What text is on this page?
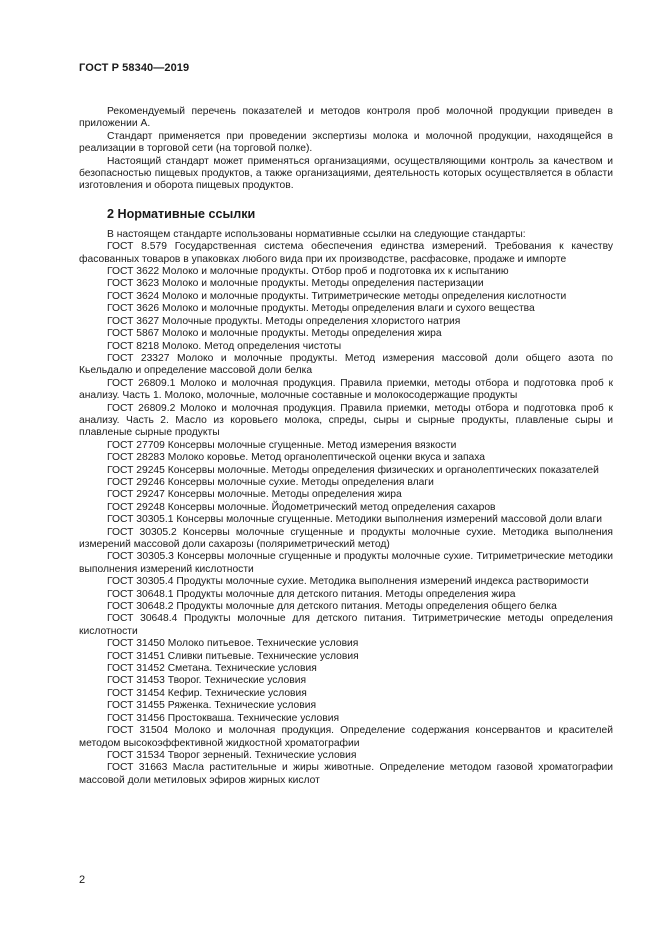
ГОСТ Р 58340—2019

Рекомендуемый перечень показателей и методов контроля проб молочной продукции приведен в приложении А.

Стандарт применяется при проведении экспертизы молока и молочной продукции, находящейся в реализации в торговой сети (на торговой полке).

Настоящий стандарт может применяться организациями, осуществляющими контроль за качеством и безопасностью пищевых продуктов, а также организациями, деятельность которых осуществляется в области изготовления и оборота пищевых продуктов.

2 Нормативные ссылки

В настоящем стандарте использованы нормативные ссылки на следующие стандарты:

ГОСТ 8.579 Государственная система обеспечения единства измерений. Требования к качеству фасованных товаров в упаковках любого вида при их производстве, расфасовке, продаже и импорте

ГОСТ 3622 Молоко и молочные продукты. Отбор проб и подготовка их к испытанию

ГОСТ 3623 Молоко и молочные продукты. Методы определения пастеризации

ГОСТ 3624 Молоко и молочные продукты. Титриметрические методы определения кислотности

ГОСТ 3626 Молоко и молочные продукты. Методы определения влаги и сухого вещества

ГОСТ 3627 Молочные продукты. Методы определения хлористого натрия

ГОСТ 5867 Молоко и молочные продукты. Методы определения жира

ГОСТ 8218 Молоко. Метод определения чистоты

ГОСТ 23327 Молоко и молочные продукты. Метод измерения массовой доли общего азота по Кьельдалю и определение массовой доли белка

ГОСТ 26809.1 Молоко и молочная продукция. Правила приемки, методы отбора и подготовка проб к анализу. Часть 1. Молоко, молочные, молочные составные и молокосодержащие продукты

ГОСТ 26809.2 Молоко и молочная продукция. Правила приемки, методы отбора и подготовка проб к анализу. Часть 2. Масло из коровьего молока, спреды, сыры и сырные продукты, плавленые сыры и плавленые сырные продукты

ГОСТ 27709 Консервы молочные сгущенные. Метод измерения вязкости

ГОСТ 28283 Молоко коровье. Метод органолептической оценки вкуса и запаха

ГОСТ 29245 Консервы молочные. Методы определения физических и органолептических показателей

ГОСТ 29246 Консервы молочные сухие. Методы определения влаги

ГОСТ 29247 Консервы молочные. Методы определения жира

ГОСТ 29248 Консервы молочные. Йодометрический метод определения сахаров

ГОСТ 30305.1 Консервы молочные сгущенные. Методики выполнения измерений массовой доли влаги

ГОСТ 30305.2 Консервы молочные сгущенные и продукты молочные сухие. Методика выполнения измерений массовой доли сахарозы (поляриметрический метод)

ГОСТ 30305.3 Консервы молочные сгущенные и продукты молочные сухие. Титриметрические методики выполнения измерений кислотности

ГОСТ 30305.4 Продукты молочные сухие. Методика выполнения измерений индекса растворимости

ГОСТ 30648.1 Продукты молочные для детского питания. Методы определения жира

ГОСТ 30648.2 Продукты молочные для детского питания. Методы определения общего белка

ГОСТ 30648.4 Продукты молочные для детского питания. Титриметрические методы определения кислотности

ГОСТ 31450 Молоко питьевое. Технические условия

ГОСТ 31451 Сливки питьевые. Технические условия

ГОСТ 31452 Сметана. Технические условия

ГОСТ 31453 Творог. Технические условия

ГОСТ 31454 Кефир. Технические условия

ГОСТ 31455 Ряженка. Технические условия

ГОСТ 31456 Простокваша. Технические условия

ГОСТ 31504 Молоко и молочная продукция. Определение содержания консервантов и красителей методом высокоэффективной жидкостной хроматографии

ГОСТ 31534 Творог зерненый. Технические условия

ГОСТ 31663 Масла растительные и жиры животные. Определение методом газовой хроматографии массовой доли метиловых эфиров жирных кислот

2
